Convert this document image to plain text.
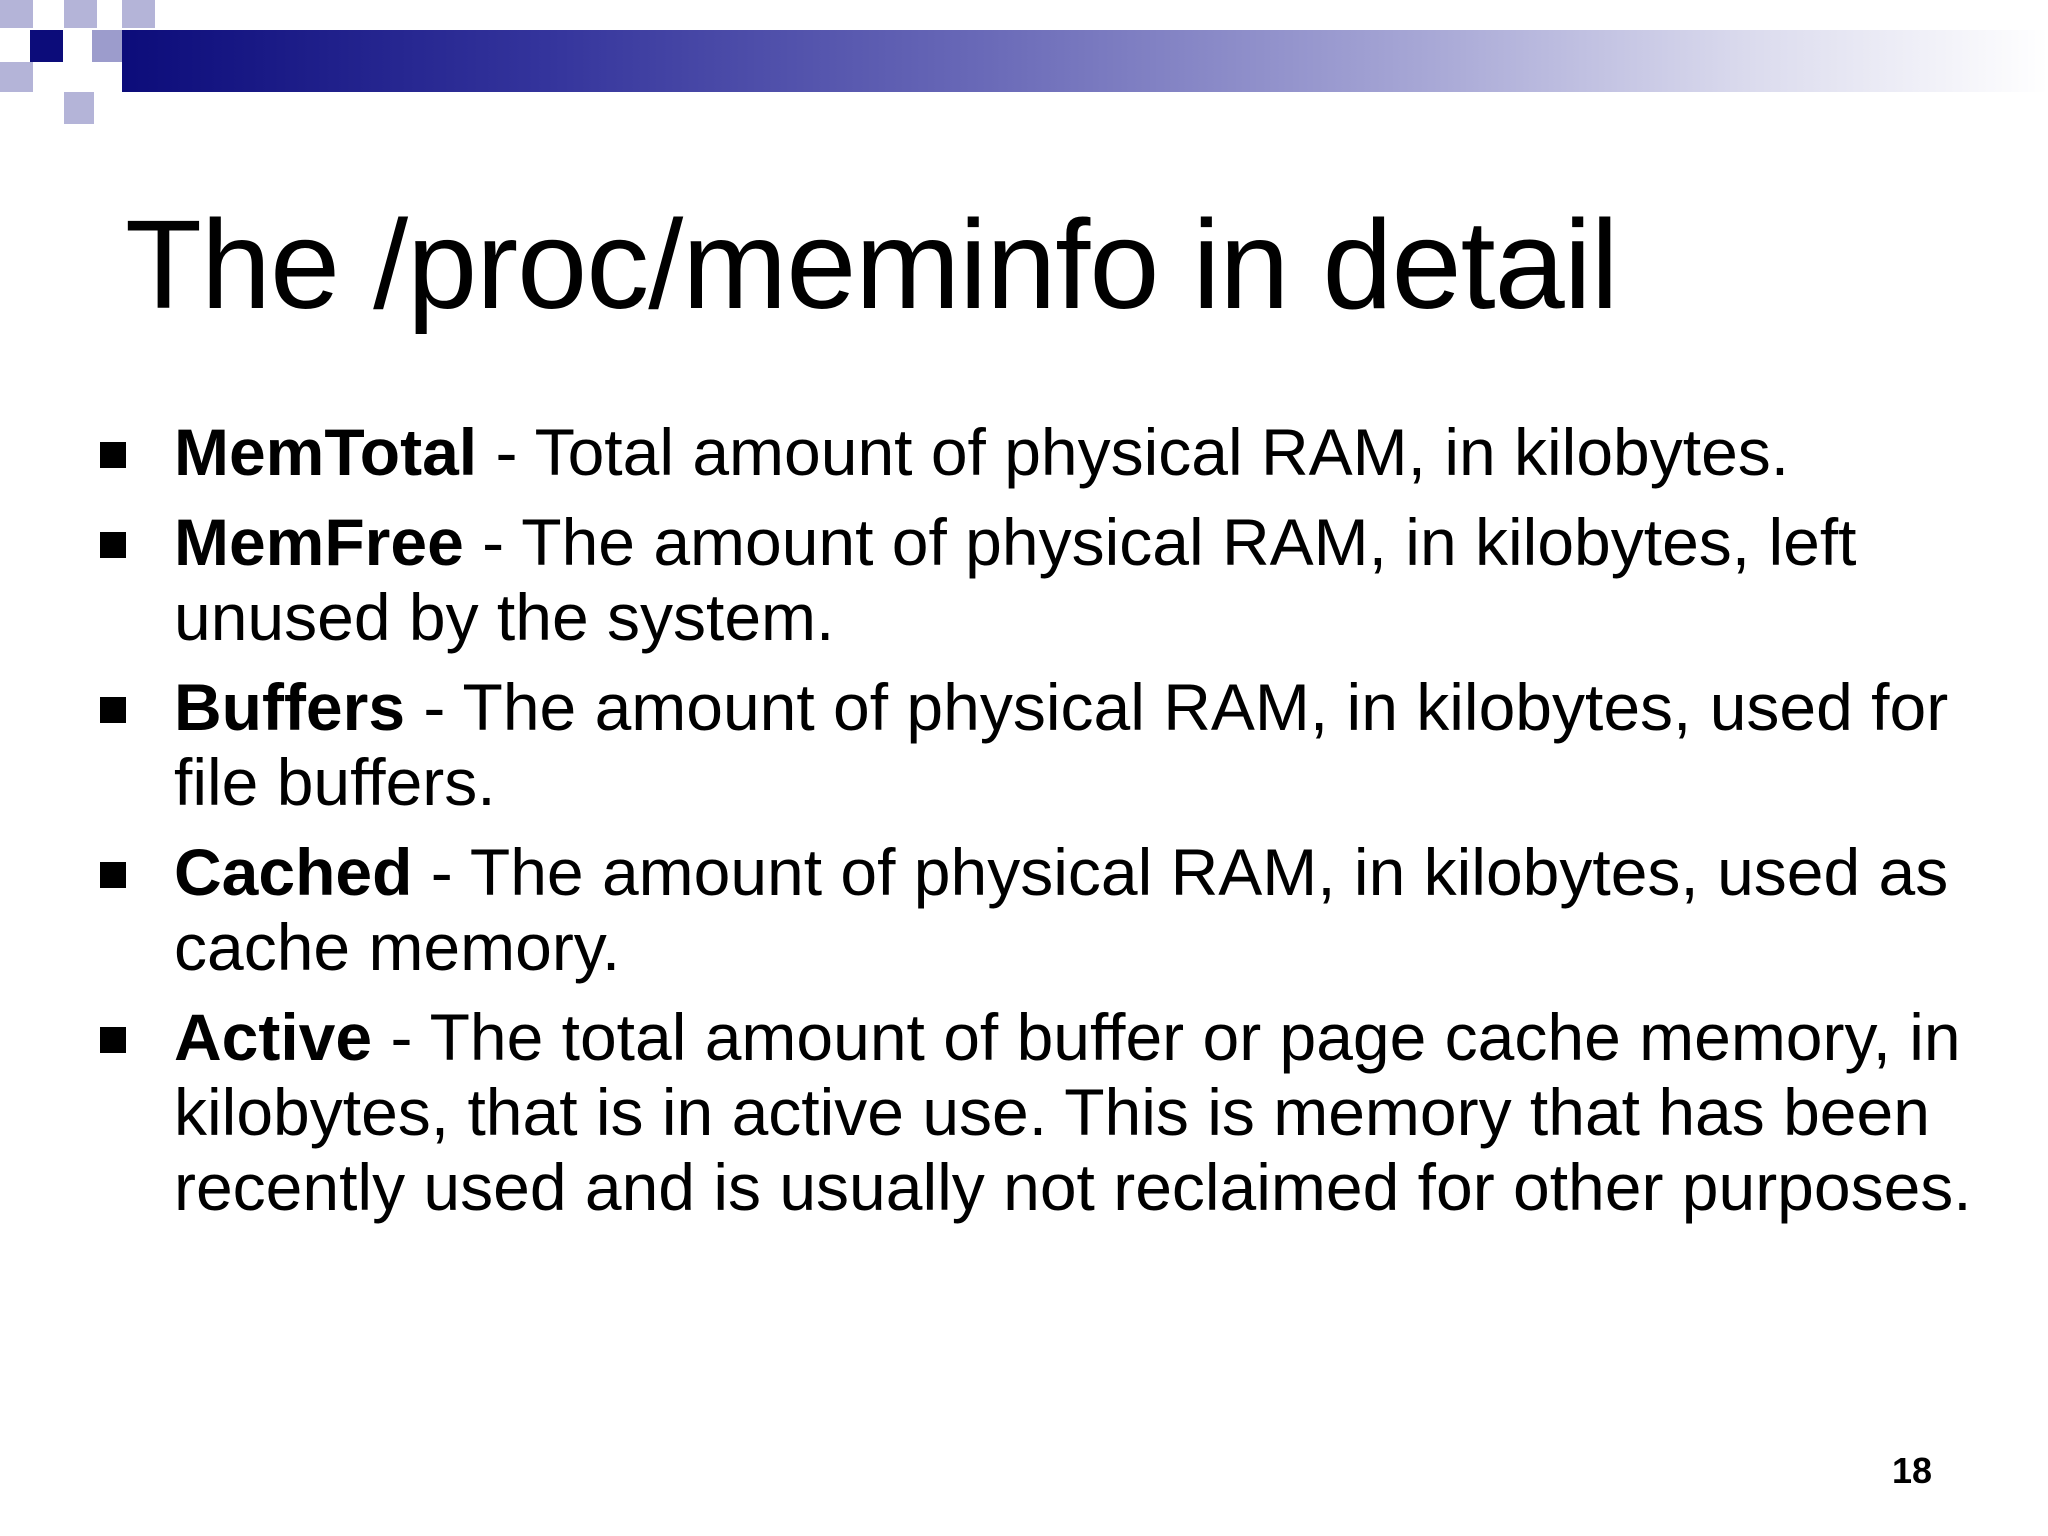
The /proc/meminfo in detail
MemTotal - Total amount of physical RAM, in kilobytes.
MemFree - The amount of physical RAM, in kilobytes, left unused by the system.
Buffers - The amount of physical RAM, in kilobytes, used for file buffers.
Cached - The amount of physical RAM, in kilobytes, used as cache memory.
Active - The total amount of buffer or page cache memory, in kilobytes, that is in active use. This is memory that has been recently used and is usually not reclaimed for other purposes.
18
